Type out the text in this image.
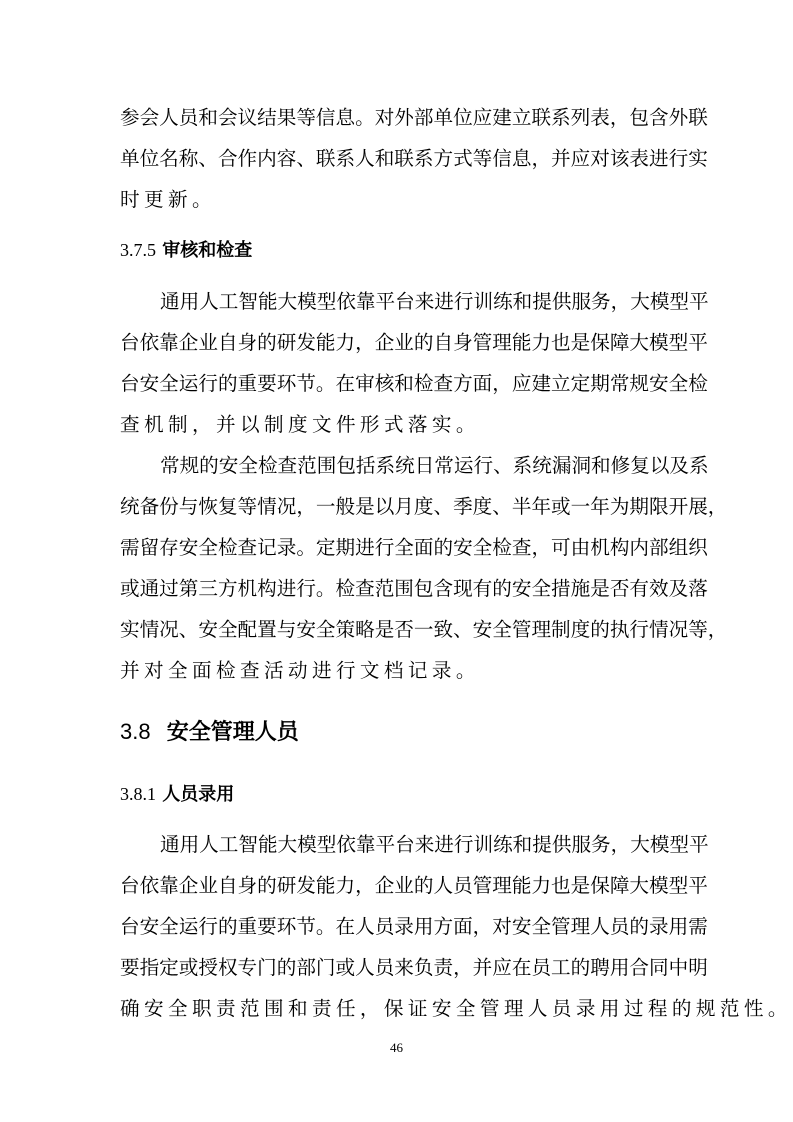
参会人员和会议结果等信息。对外部单位应建立联系列表，包含外联
单位名称、合作内容、联系人和联系方式等信息，并应对该表进行实
时更新。
3.7.5 审核和检查
通用人工智能大模型依靠平台来进行训练和提供服务，大模型平
台依靠企业自身的研发能力，企业的自身管理能力也是保障大模型平
台安全运行的重要环节。在审核和检查方面，应建立定期常规安全检
查机制，并以制度文件形式落实。
常规的安全检查范围包括系统日常运行、系统漏洞和修复以及系
统备份与恢复等情况，一般是以月度、季度、半年或一年为期限开展，
需留存安全检查记录。定期进行全面的安全检查，可由机构内部组织
或通过第三方机构进行。检查范围包含现有的安全措施是否有效及落
实情况、安全配置与安全策略是否一致、安全管理制度的执行情况等，
并对全面检查活动进行文档记录。
3.8 安全管理人员
3.8.1 人员录用
通用人工智能大模型依靠平台来进行训练和提供服务，大模型平
台依靠企业自身的研发能力，企业的人员管理能力也是保障大模型平
台安全运行的重要环节。在人员录用方面，对安全管理人员的录用需
要指定或授权专门的部门或人员来负责，并应在员工的聘用合同中明
确安全职责范围和责任，保证安全管理人员录用过程的规范性。
46
